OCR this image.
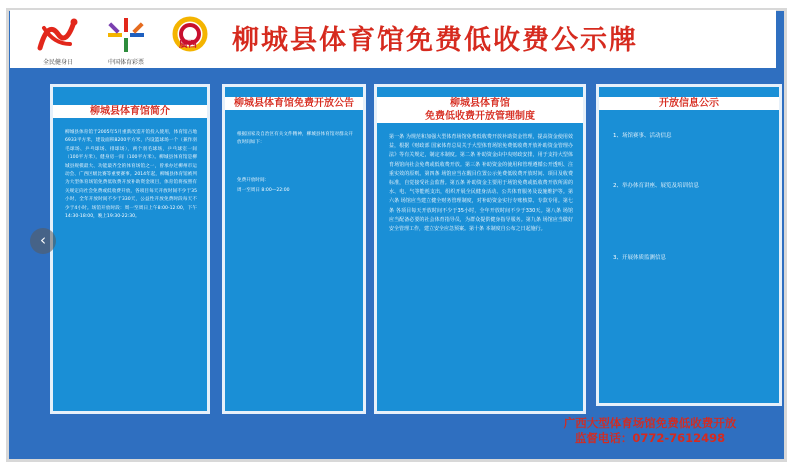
全民健身日	中国体育彩票
廣西	柳城县体育馆免费低收费公示牌

柳城县体育馆简介

柳城县体育馆于2005年5月重新改造开馆投入使用，体育馆占地6933平方米，建设面积8200平方米，内设篮球场一个（兼作羽毛球场、乒乓球场、排球场），两个羽毛球场，乒乓球室一间（100平方米），健身房一间（100平方米）。柳城县体育馆是柳城县规模最大、功能最齐全的体育场馆之一，曾承办过柳州市运动会、广西区级比赛等重要赛事。2014年起，柳城县体育馆被列为大型体育场馆免费低收费开放补助资金项目，体育馆将按照有关规定向社会免费或低收费开放，各项目每天开放时间不少于35小时，全年开放时间不少于330天，公益性开放免费时段每天不少于4小时。场馆开放时段：周一至周日上午8:00-12:00，下午14:30-18:00，晚上19:30-22:30。

柳城县体育馆免费开放公告

根据国家及自治区有关文件精神，柳城县体育馆对群众开放时间如下：
免费开放时间：
周一至周日 8:00—22:00

柳城县体育馆

免费低收费开放管理制度

第一条 为规范和加强大型体育场馆免费低收费开放补助资金管理，提高资金使用效益，根据《财政部 国家体育总局关于大型体育场馆免费低收费开放补助资金管理办法》等有关规定，制定本制度。第二条 补助资金由中央财政安排，用于支持大型体育场馆向社会免费或低收费开放。第三条 补助资金的使用和管理遵循公开透明、注重实效的原则。第四条 场馆应当在醒目位置公示免费低收费开放时间、项目及收费标准，自觉接受社会监督。第五条 补助资金主要用于场馆免费或低收费开放所需的水、电、气等能耗支出，组织开展全民健身活动、公共体育服务及设施维护等。第六条 场馆应当建立健全财务管理制度，对补助资金实行专账核算、专款专用。第七条 各项目每天开放时间不少于35小时，全年开放时间不少于330天。第八条 场馆应当配备必要的社会体育指导员，为群众提供健身指导服务。第九条 场馆应当做好安全管理工作，建立安全应急预案。第十条 本制度自公布之日起施行。

开放信息公示

1、场馆赛事、活动信息
2、举办体育讲座、展览及培训信息
3、开展体质监测信息
广西大型体育场馆免费低收费开放
监督电话：0772-7612498
‹
